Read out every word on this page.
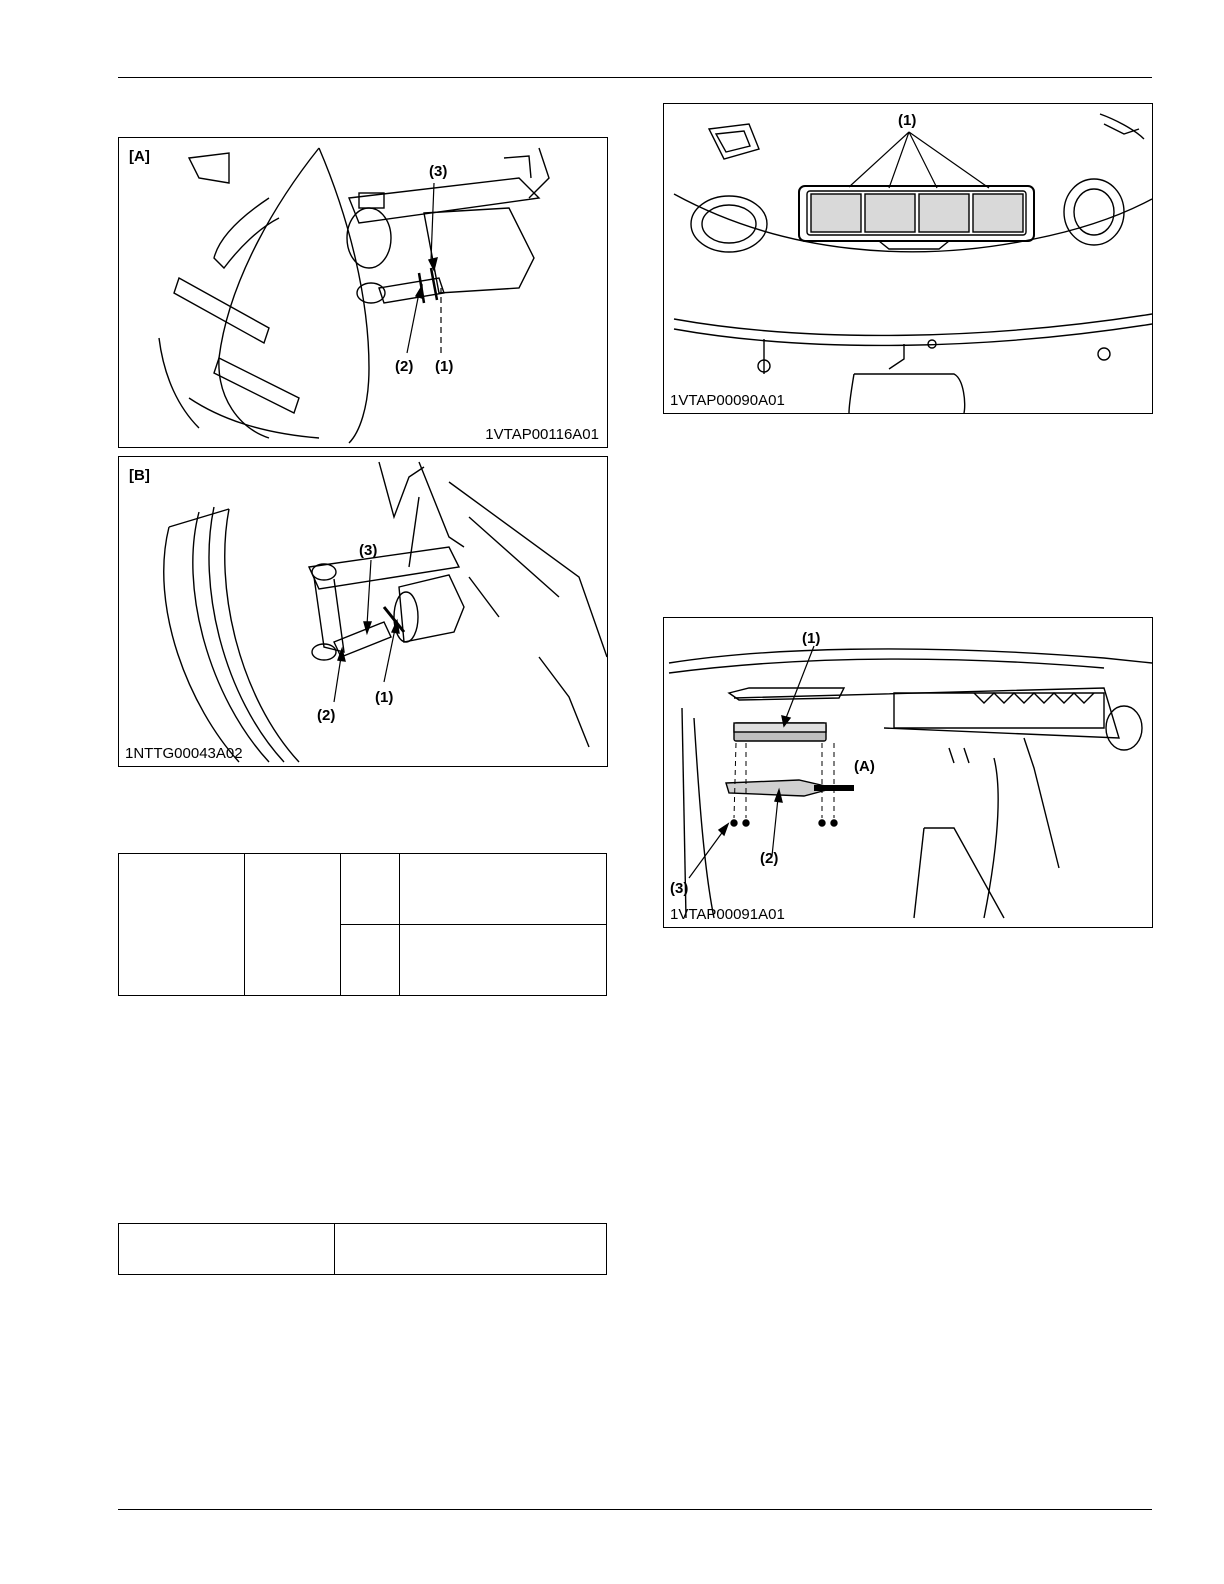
[A]
(3)
(2) (1)
1VTAP00116A01
[B]
(3)
(1)
(2)
1NTTG00043A02
(1)
1VTAP00090A01
(1)
(A)
(2)
(3)
1VTAP00091A01
